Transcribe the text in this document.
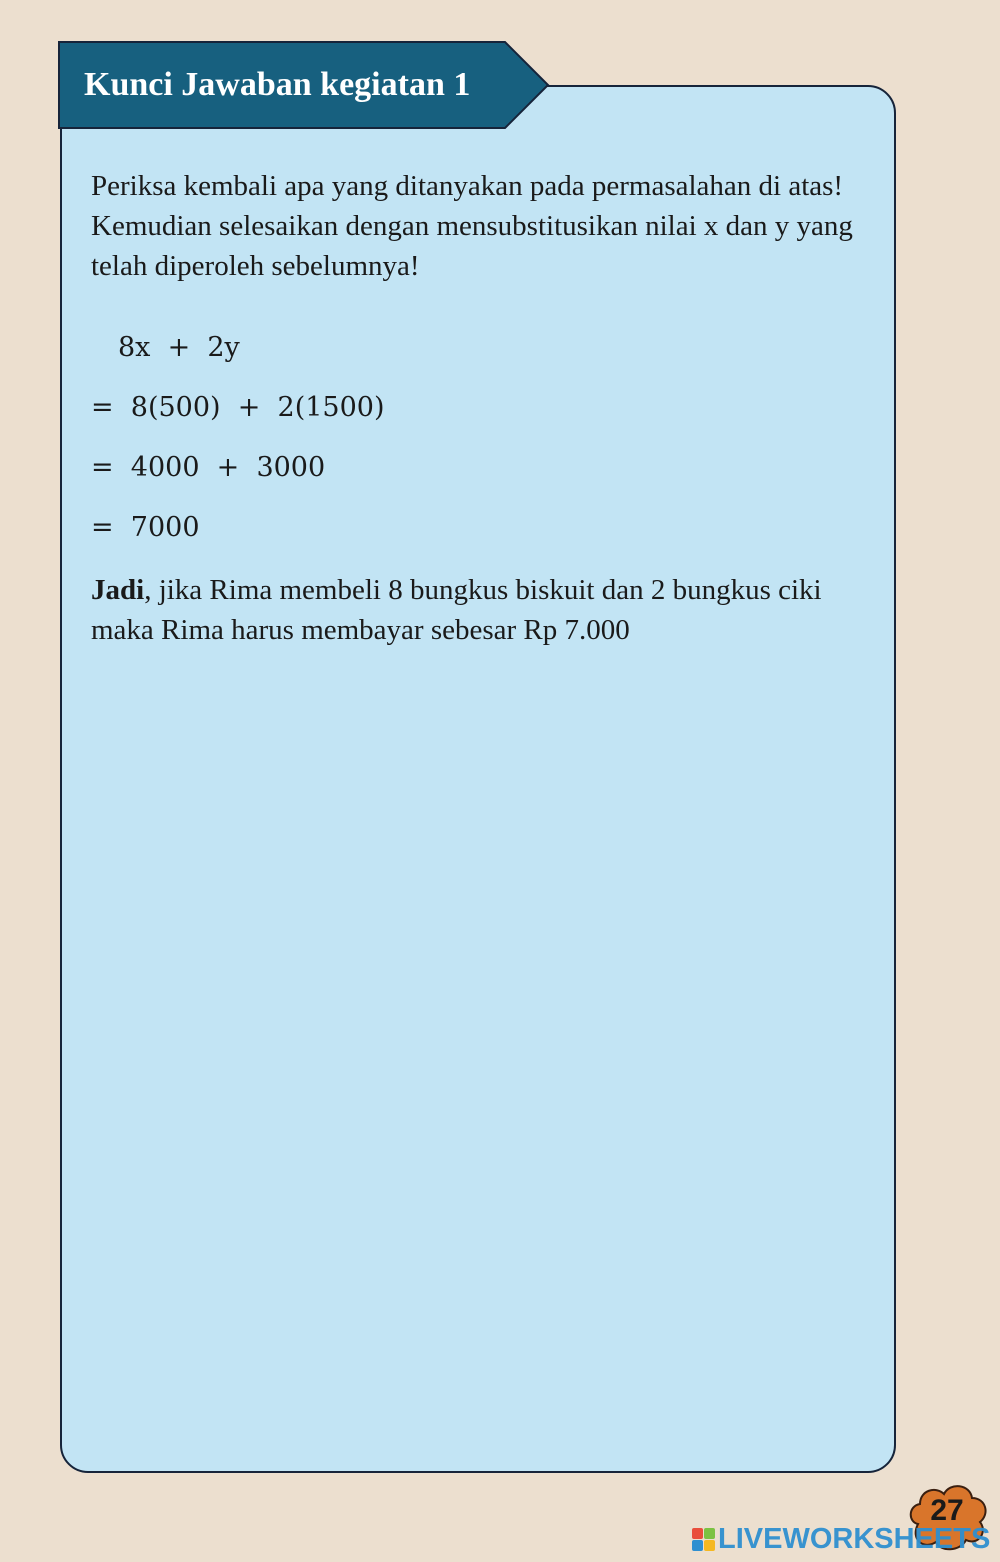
Kunci Jawaban kegiatan 1

Periksa kembali apa yang ditanyakan pada permasalahan di atas! Kemudian selesaikan dengan mensubstitusikan nilai x dan y yang telah diperoleh sebelumnya!

8x  +  2y
=  8(500)  +  2(1500)
=  4000  +  3000
=  7000

Jadi, jika Rima membeli 8 bungkus biskuit dan 2 bungkus ciki maka Rima harus membayar sebesar Rp 7.000

27
LIVEWORKSHEETS
